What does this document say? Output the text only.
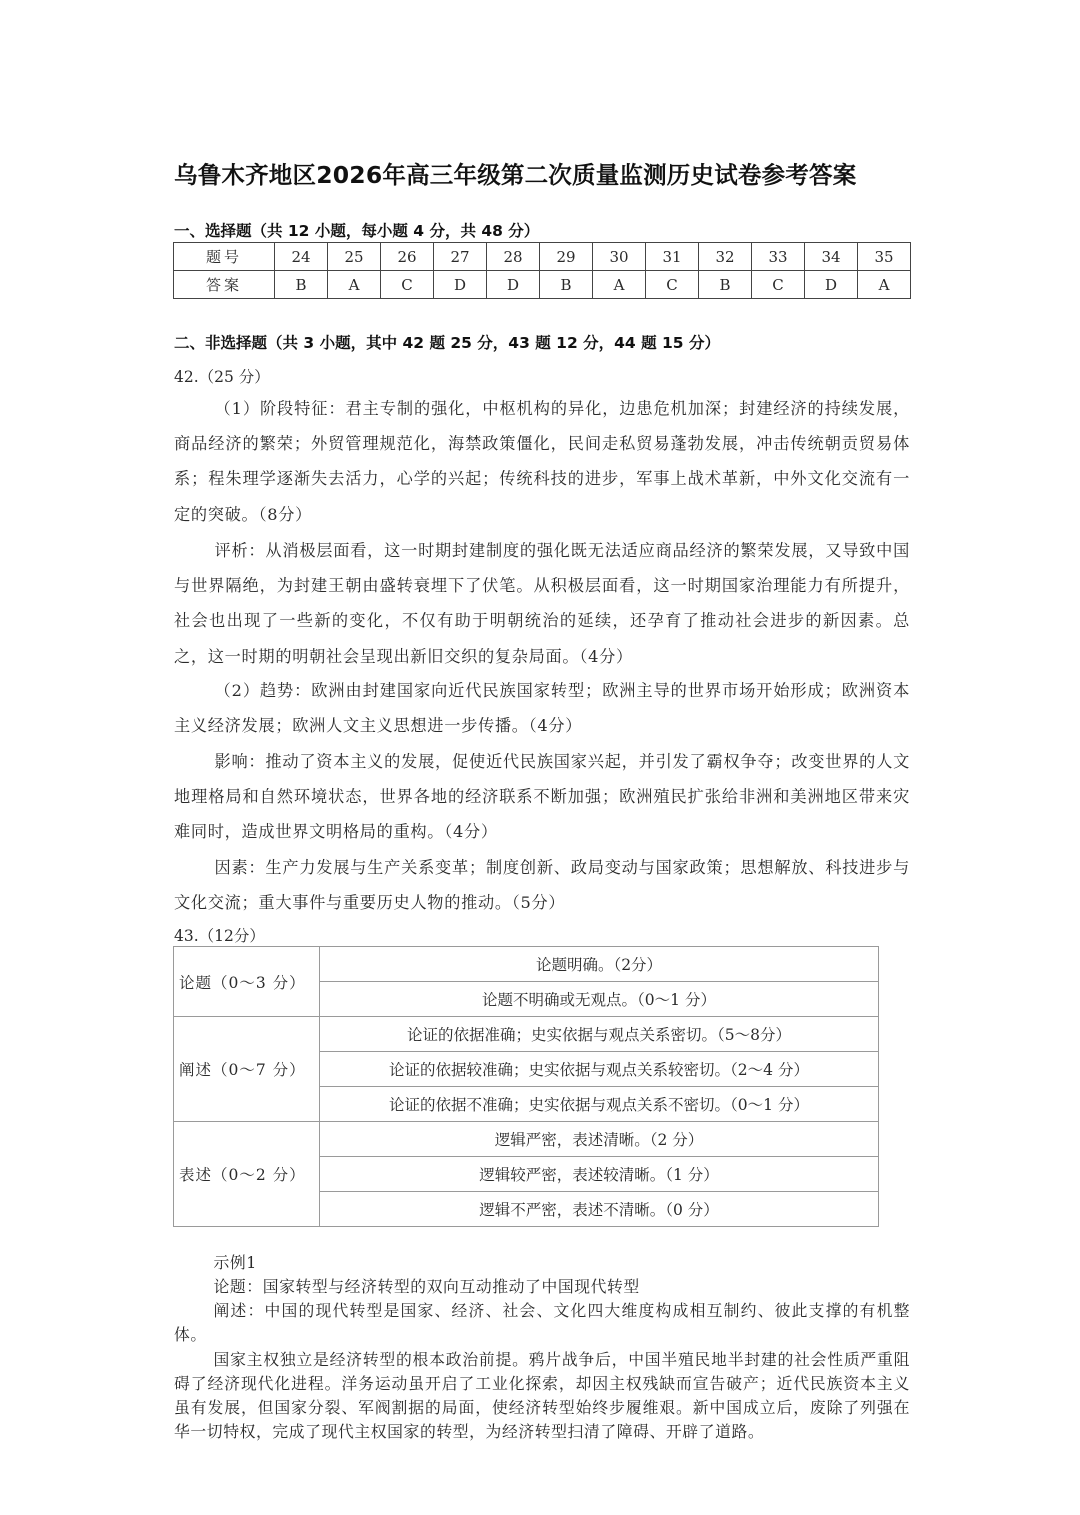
乌鲁木齐地区2026年高三年级第二次质量监测历史试卷参考答案
一、选择题（共 12 小题，每小题 4 分，共 48 分）
题号	24	25	26	27	28	29	30	31	32	33	34	35
答案	B	A	C	D	D	B	A	C	B	C	D	A
二、非选择题（共 3 小题，其中 42 题 25 分，43 题 12 分，44 题 15 分）
42.（25 分）
（1）阶段特征：君主专制的强化，中枢机构的异化，边患危机加深；封建经济的持续发展，商品经济的繁荣；外贸管理规范化，海禁政策僵化，民间走私贸易蓬勃发展，冲击传统朝贡贸易体系；程朱理学逐渐失去活力，心学的兴起；传统科技的进步，军事上战术革新，中外文化交流有一定的突破。（8分）
评析：从消极层面看，这一时期封建制度的强化既无法适应商品经济的繁荣发展，又导致中国与世界隔绝，为封建王朝由盛转衰埋下了伏笔。从积极层面看，这一时期国家治理能力有所提升，社会也出现了一些新的变化，不仅有助于明朝统治的延续，还孕育了推动社会进步的新因素。总之，这一时期的明朝社会呈现出新旧交织的复杂局面。（4分）
（2）趋势：欧洲由封建国家向近代民族国家转型；欧洲主导的世界市场开始形成；欧洲资本主义经济发展；欧洲人文主义思想进一步传播。（4分）
影响：推动了资本主义的发展，促使近代民族国家兴起，并引发了霸权争夺；改变世界的人文地理格局和自然环境状态，世界各地的经济联系不断加强；欧洲殖民扩张给非洲和美洲地区带来灾难同时，造成世界文明格局的重构。（4分）
因素：生产力发展与生产关系变革；制度创新、政局变动与国家政策；思想解放、科技进步与文化交流；重大事件与重要历史人物的推动。（5分）
43.（12分）
论题（0～3 分）	论题明确。（2分）
	论题不明确或无观点。（0～1 分）
阐述（0～7 分）	论证的依据准确；史实依据与观点关系密切。（5～8分）
	论证的依据较准确；史实依据与观点关系较密切。（2～4 分）
	论证的依据不准确；史实依据与观点关系不密切。（0～1 分）
表述（0～2 分）	逻辑严密，表述清晰。（2 分）
	逻辑较严密，表述较清晰。（1 分）
	逻辑不严密，表述不清晰。（0 分）
示例1
论题：国家转型与经济转型的双向互动推动了中国现代转型
阐述：中国的现代转型是国家、经济、社会、文化四大维度构成相互制约、彼此支撑的有机整体。
国家主权独立是经济转型的根本政治前提。鸦片战争后，中国半殖民地半封建的社会性质严重阻碍了经济现代化进程。洋务运动虽开启了工业化探索，却因主权残缺而宣告破产；近代民族资本主义虽有发展，但国家分裂、军阀割据的局面，使经济转型始终步履维艰。新中国成立后，废除了列强在华一切特权，完成了现代主权国家的转型，为经济转型扫清了障碍、开辟了道路。
